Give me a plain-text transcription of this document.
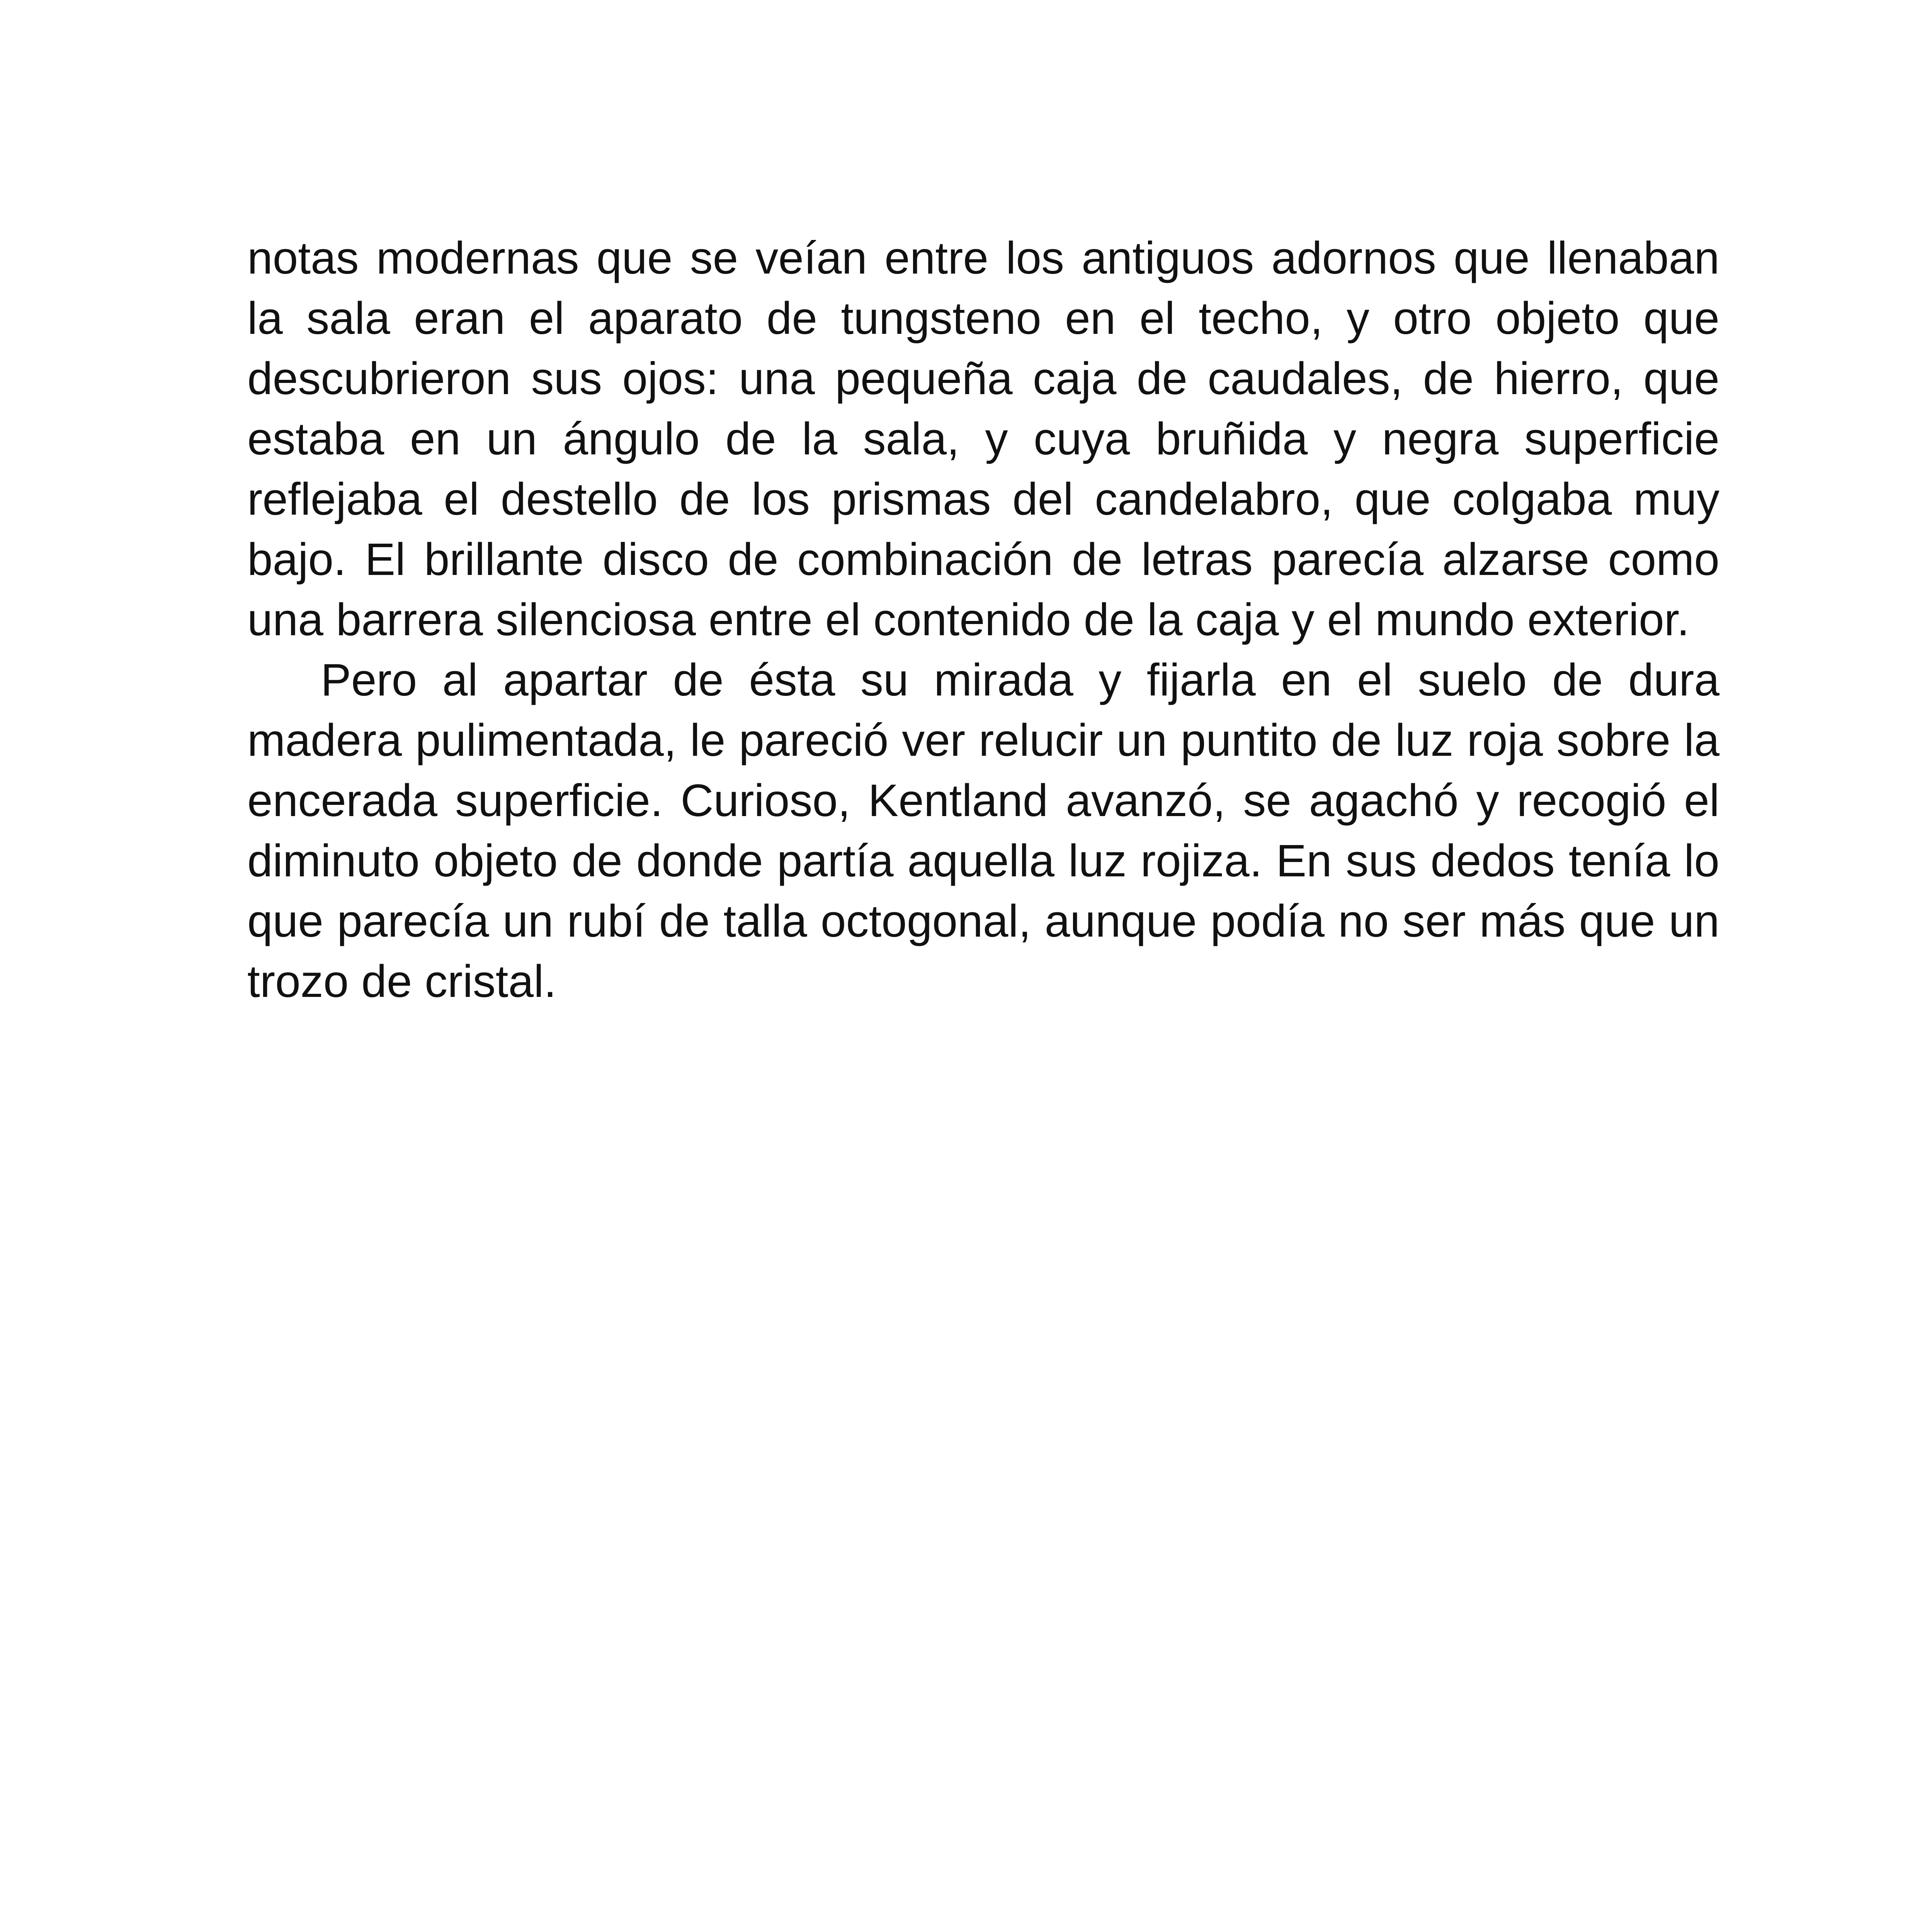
notas modernas que se veían entre los antiguos adornos que llenaban la sala eran el aparato de tungsteno en el techo, y otro objeto que descubrieron sus ojos: una pequeña caja de caudales, de hierro, que estaba en un ángulo de la sala, y cuya bruñida y negra superficie reflejaba el destello de los prismas del candelabro, que colgaba muy bajo. El brillante disco de combinación de letras parecía alzarse como una barrera silenciosa entre el contenido de la caja y el mundo exterior.

Pero al apartar de ésta su mirada y fijarla en el suelo de dura madera pulimentada, le pareció ver relucir un puntito de luz roja sobre la encerada superficie. Curioso, Kentland avanzó, se agachó y recogió el diminuto objeto de donde partía aquella luz rojiza. En sus dedos tenía lo que parecía un rubí de talla octogonal, aunque podía no ser más que un trozo de cristal.
